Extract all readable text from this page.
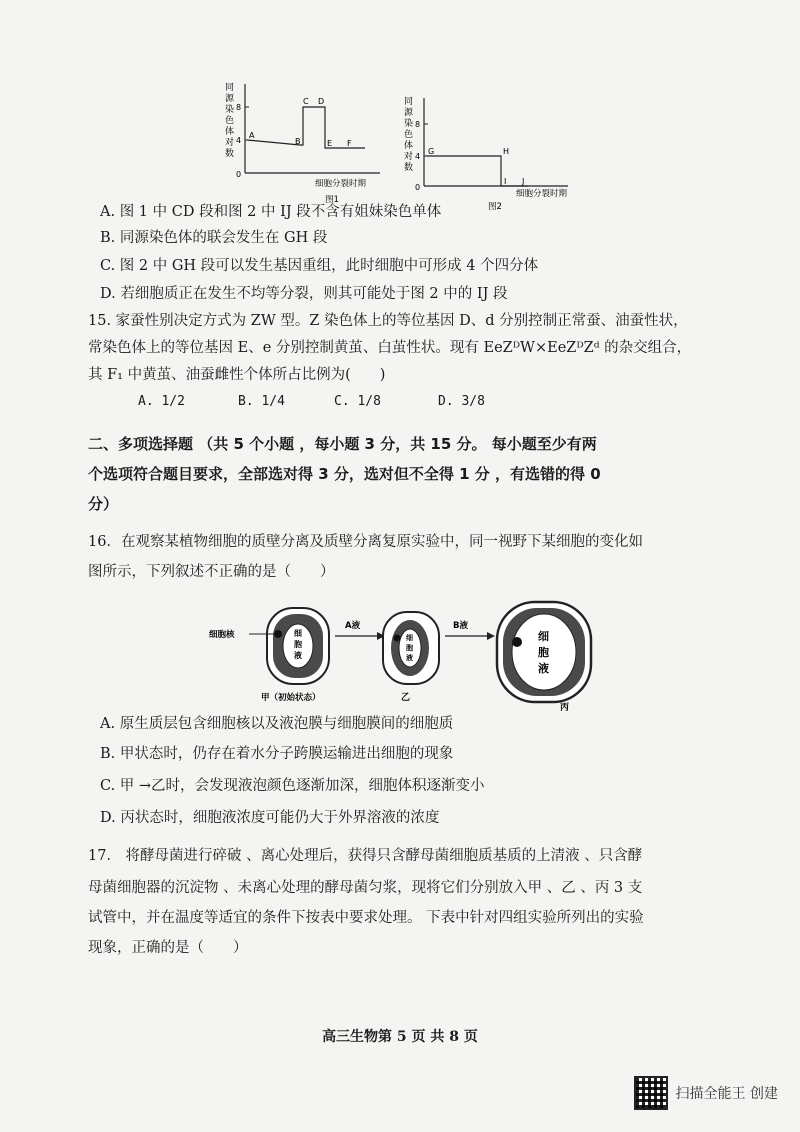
同
源
染
色
体
对
数
8
4
0
A
B
C D
E F
细胞分裂时期
图1
同
源
染
色
体
对
数
8
4
0
G	H
I J
细胞分裂时期
图2
A. 图 1 中 CD 段和图 2 中 IJ 段不含有姐妹染色单体
B. 同源染色体的联会发生在 GH 段
C. 图 2 中 GH 段可以发生基因重组，此时细胞中可形成 4 个四分体
D. 若细胞质正在发生不均等分裂，则其可能处于图 2 中的 IJ 段
15. 家蚕性别决定方式为 ZW 型。Z 染色体上的等位基因 D、d 分别控制正常蚕、油蚕性状，
常染色体上的等位基因 E、e 分别控制黄茧、白茧性状。现有 EeZᴰW×EeZᴰZᵈ 的杂交组合，
其 F₁ 中黄茧、油蚕雌性个体所占比例为(　　)
A. 1/2	B. 1/4	C. 1/8	D. 3/8
二、多项选择题 （共 5 个小题 ，每小题 3 分，共 15 分。 每小题至少有两
个选项符合题目要求，全部选对得 3 分，选对但不全得 1 分 ，有选错的得 0
分）
16．在观察某植物细胞的质壁分离及质壁分离复原实验中，同一视野下某细胞的变化如
图所示，下列叙述不正确的是（　　）
细胞核	细
胞
液
A液
细
胞
液
B液
细
胞
液
甲（初始状态）	乙
丙
A. 原生质层包含细胞核以及液泡膜与细胞膜间的细胞质
B. 甲状态时，仍存在着水分子跨膜运输进出细胞的现象
C. 甲 →乙时，会发现液泡颜色逐渐加深，细胞体积逐渐变小
D. 丙状态时，细胞液浓度可能仍大于外界溶液的浓度
17． 将酵母菌进行碎破 、离心处理后，获得只含酵母菌细胞质基质的上清液 、只含酵
母菌细胞器的沉淀物 、未离心处理的酵母菌匀浆，现将它们分别放入甲 、乙 、丙 3 支
试管中，并在温度等适宜的条件下按表中要求处理。 下表中针对四组实验所列出的实验
现象，正确的是（　　）
高三生物第 5 页 共 8 页
扫描全能王 创建
